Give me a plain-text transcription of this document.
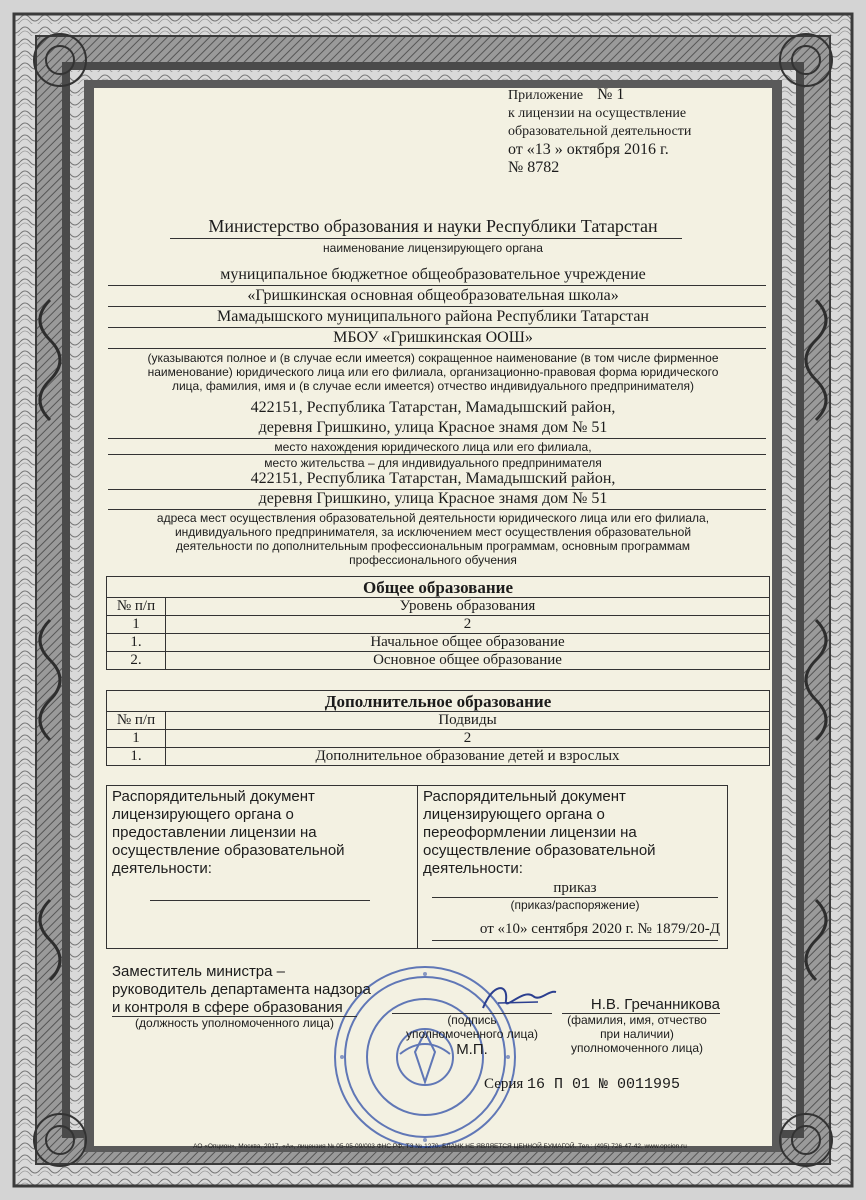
Приложение № 1
к лицензии на осуществление
образовательной деятельности
от «13 » октября 2016 г.
№ 8782
Министерство образования и науки Республики Татарстан
наименование лицензирующего органа
муниципальное бюджетное общеобразовательное учреждение
«Гришкинская основная общеобразовательная школа»
Мамадышского муниципального района Республики Татарстан
МБОУ «Гришкинская ООШ»
(указываются полное и (в случае если имеется) сокращенное наименование (в том числе фирменное
наименование) юридического лица или его филиала, организационно-правовая форма юридического
лица, фамилия, имя и (в случае если имеется) отчество индивидуального предпринимателя)
422151, Республика Татарстан, Мамадышский район,
деревня Гришкино, улица Красное знамя дом № 51
место нахождения юридического лица или его филиала,
место жительства – для индивидуального предпринимателя
422151, Республика Татарстан, Мамадышский район,
деревня Гришкино, улица Красное знамя дом № 51
адреса мест осуществления образовательной деятельности юридического лица или его филиала,
индивидуального предпринимателя, за исключением мест осуществления образовательной
деятельности по дополнительным профессиональным программам, основным программам
профессионального обучения
Общее образование	
№ п/п	Уровень образования
1	2
1.	Начальное общее образование
2.	Основное общее образование
Дополнительное образование	
№ п/п	Подвиды
1	2
1.	Дополнительное образование детей и взрослых
Распорядительный документ
лицензирующего органа о
предоставлении лицензии на
осуществление образовательной
деятельности:
Распорядительный документ
лицензирующего органа о
переоформлении лицензии на
осуществление образовательной
деятельности:
приказ
(приказ/распоряжение)
от «10» сентября 2020 г. № 1879/20-Д
Заместитель министра –
руководитель департамента надзора
и контроля в сфере образования
(должность уполномоченного лица)	(подпись
уполномоченного лица)
М.П.
Н.В. Гречанникова
(фамилия, имя, отчество
при наличии)
уполномоченного лица)
Серия 16 П 01 № 0011995
АО «Опцион», Москва, 2017, «А», лицензия № 05-05-09/003 ФНС РФ, ТЗ № 1270. БЛАНК НЕ ЯВЛЯЕТСЯ ЦЕННОЙ БУМАГОЙ. Тел.: (495) 726-47-42, www.opcion.ru
